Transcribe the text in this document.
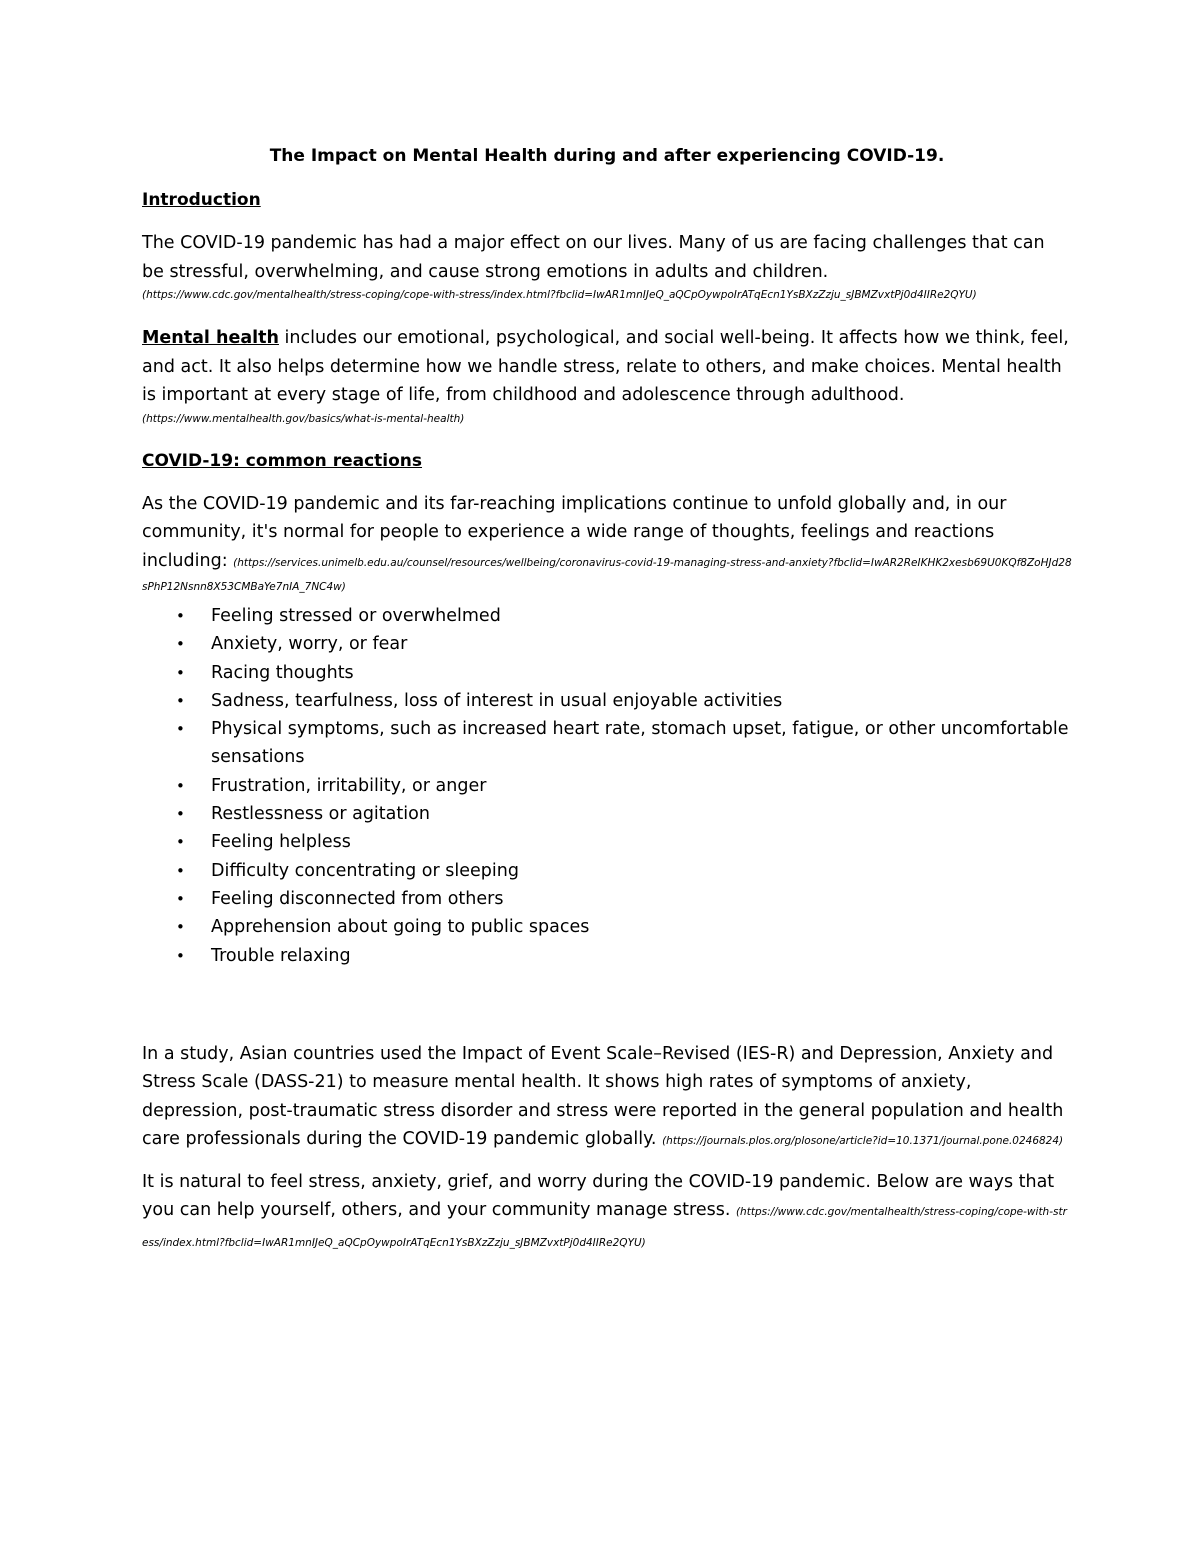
The Impact on Mental Health during and after experiencing COVID-19.
Introduction
The COVID-19 pandemic has had a major effect on our lives. Many of us are facing challenges that can be stressful, overwhelming, and cause strong emotions in adults and children.
(https://www.cdc.gov/mentalhealth/stress-coping/cope-with-stress/index.html?fbclid=IwAR1mnIJeQ_aQCpOywpoIrATqEcn1YsBXzZzju_sJBMZvxtPj0d4IIRe2QYU)
Mental health includes our emotional, psychological, and social well-being. It affects how we think, feel, and act. It also helps determine how we handle stress, relate to others, and make choices. Mental health is important at every stage of life, from childhood and adolescence through adulthood.
(https://www.mentalhealth.gov/basics/what-is-mental-health)
COVID-19: common reactions
As the COVID-19 pandemic and its far-reaching implications continue to unfold globally and, in our community, it's normal for people to experience a wide range of thoughts, feelings and reactions including: (https://services.unimelb.edu.au/counsel/resources/wellbeing/coronavirus-covid-19-managing-stress-and-anxiety?fbclid=IwAR2ReIKHK2xesb69U0KQf8ZoHJd28sPhP12Nsnn8X53CMBaYe7nIA_7NC4w)
• Feeling stressed or overwhelmed
• Anxiety, worry, or fear
• Racing thoughts
• Sadness, tearfulness, loss of interest in usual enjoyable activities
• Physical symptoms, such as increased heart rate, stomach upset, fatigue, or other uncomfortable sensations
• Frustration, irritability, or anger
• Restlessness or agitation
• Feeling helpless
• Difficulty concentrating or sleeping
• Feeling disconnected from others
• Apprehension about going to public spaces
• Trouble relaxing
In a study, Asian countries used the Impact of Event Scale–Revised (IES-R) and Depression, Anxiety and Stress Scale (DASS-21) to measure mental health. It shows high rates of symptoms of anxiety, depression, post-traumatic stress disorder and stress were reported in the general population and health care professionals during the COVID-19 pandemic globally. (https://journals.plos.org/plosone/article?id=10.1371/journal.pone.0246824)
It is natural to feel stress, anxiety, grief, and worry during the COVID-19 pandemic. Below are ways that you can help yourself, others, and your community manage stress. (https://www.cdc.gov/mentalhealth/stress-coping/cope-with-stress/index.html?fbclid=IwAR1mnIJeQ_aQCpOywpoIrATqEcn1YsBXzZzju_sJBMZvxtPj0d4IIRe2QYU)
